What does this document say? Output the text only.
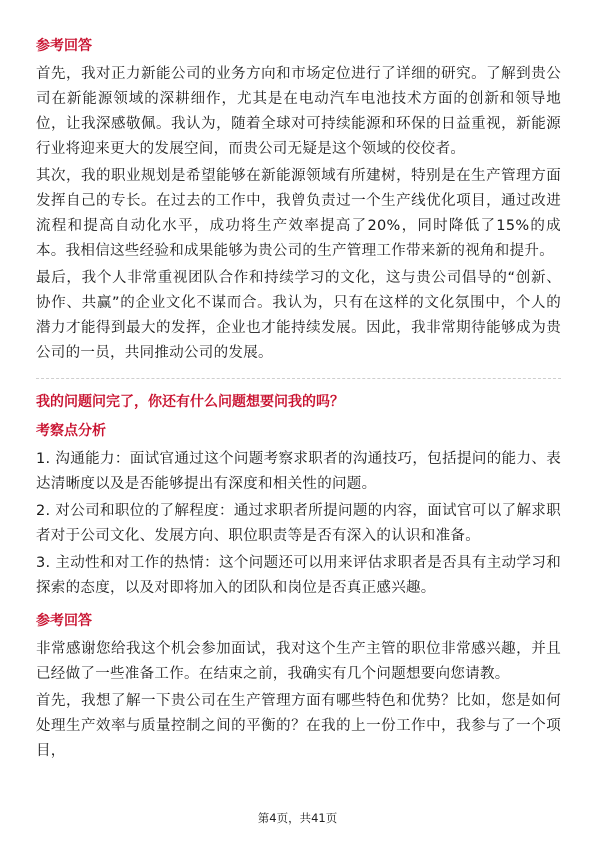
参考回答

首先，我对正力新能公司的业务方向和市场定位进行了详细的研究。了解到贵公司在新能源领域的深耕细作，尤其是在电动汽车电池技术方面的创新和领导地位，让我深感敬佩。我认为，随着全球对可持续能源和环保的日益重视，新能源行业将迎来更大的发展空间，而贵公司无疑是这个领域的佼佼者。

其次，我的职业规划是希望能够在新能源领域有所建树，特别是在生产管理方面发挥自己的专长。在过去的工作中，我曾负责过一个生产线优化项目，通过改进流程和提高自动化水平，成功将生产效率提高了20%，同时降低了15%的成本。我相信这些经验和成果能够为贵公司的生产管理工作带来新的视角和提升。

最后，我个人非常重视团队合作和持续学习的文化，这与贵公司倡导的“创新、协作、共赢”的企业文化不谋而合。我认为，只有在这样的文化氛围中，个人的潜力才能得到最大的发挥，企业也才能持续发展。因此，我非常期待能够成为贵公司的一员，共同推动公司的发展。

我的问题问完了，你还有什么问题想要问我的吗？
考察点分析

1. 沟通能力：面试官通过这个问题考察求职者的沟通技巧，包括提问的能力、表达清晰度以及是否能够提出有深度和相关性的问题。

2. 对公司和职位的了解程度：通过求职者所提问题的内容，面试官可以了解求职者对于公司文化、发展方向、职位职责等是否有深入的认识和准备。

3. 主动性和对工作的热情：这个问题还可以用来评估求职者是否具有主动学习和探索的态度，以及对即将加入的团队和岗位是否真正感兴趣。

参考回答

非常感谢您给我这个机会参加面试，我对这个生产主管的职位非常感兴趣，并且已经做了一些准备工作。在结束之前，我确实有几个问题想要向您请教。

首先，我想了解一下贵公司在生产管理方面有哪些特色和优势？比如，您是如何处理生产效率与质量控制之间的平衡的？在我的上一份工作中，我参与了一个项目，

第4页，共41页
